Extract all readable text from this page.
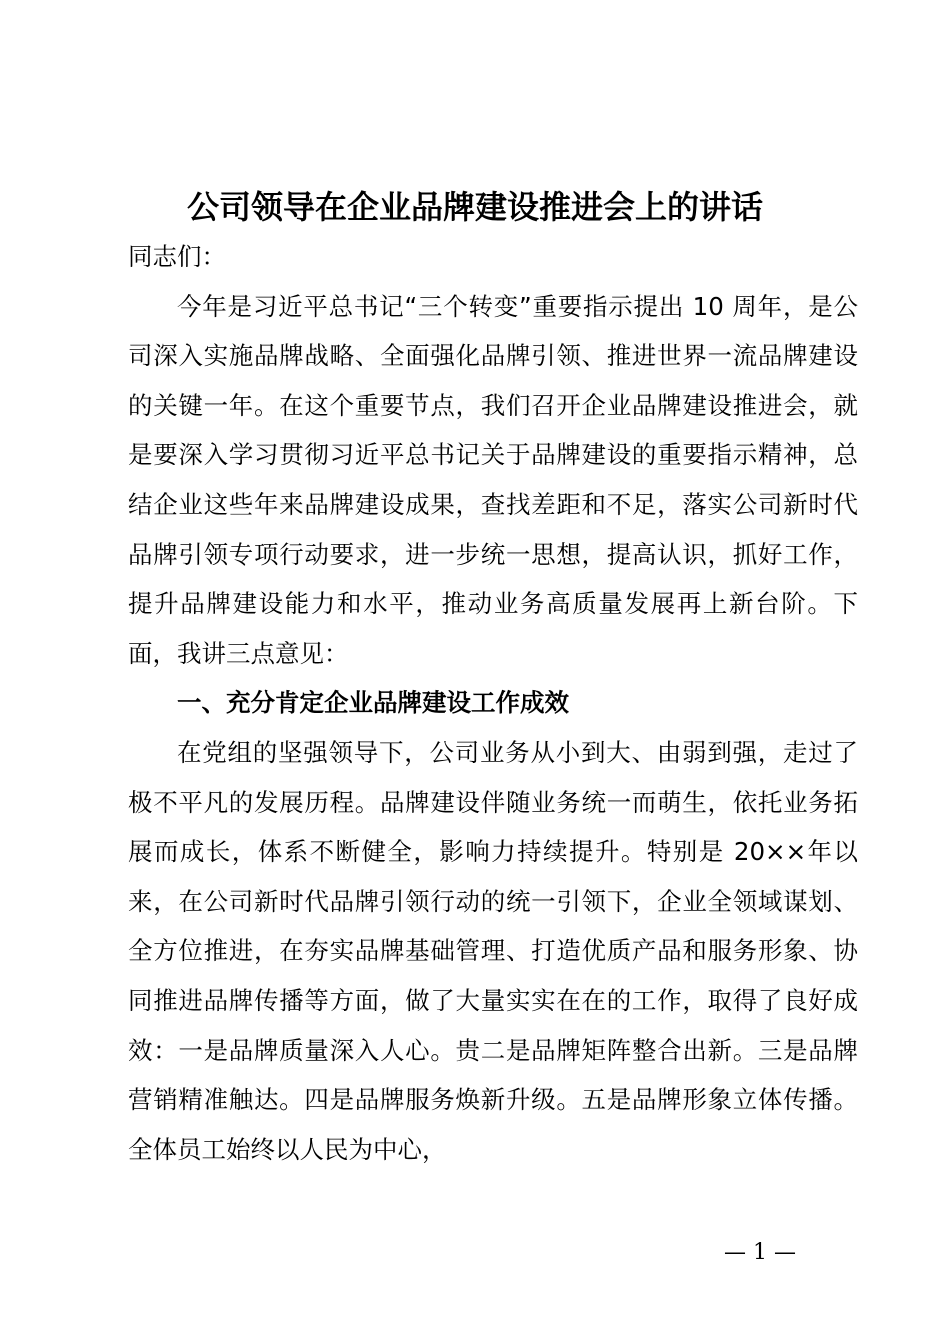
公司领导在企业品牌建设推进会上的讲话

同志们：

今年是习近平总书记“三个转变”重要指示提出 10 周年，是公司深入实施品牌战略、全面强化品牌引领、推进世界一流品牌建设的关键一年。在这个重要节点，我们召开企业品牌建设推进会，就是要深入学习贯彻习近平总书记关于品牌建设的重要指示精神，总结企业这些年来品牌建设成果，查找差距和不足，落实公司新时代品牌引领专项行动要求，进一步统一思想，提高认识，抓好工作，提升品牌建设能力和水平，推动业务高质量发展再上新台阶。下面，我讲三点意见：

一、充分肯定企业品牌建设工作成效

在党组的坚强领导下，公司业务从小到大、由弱到强，走过了极不平凡的发展历程。品牌建设伴随业务统一而萌生，依托业务拓展而成长，体系不断健全，影响力持续提升。特别是 20××年以来，在公司新时代品牌引领行动的统一引领下，企业全领域谋划、全方位推进，在夯实品牌基础管理、打造优质产品和服务形象、协同推进品牌传播等方面，做了大量实实在在的工作，取得了良好成效：一是品牌质量深入人心。贵二是品牌矩阵整合出新。三是品牌营销精准触达。四是品牌服务焕新升级。五是品牌形象立体传播。全体员工始终以人民为中心，

— 1 —
